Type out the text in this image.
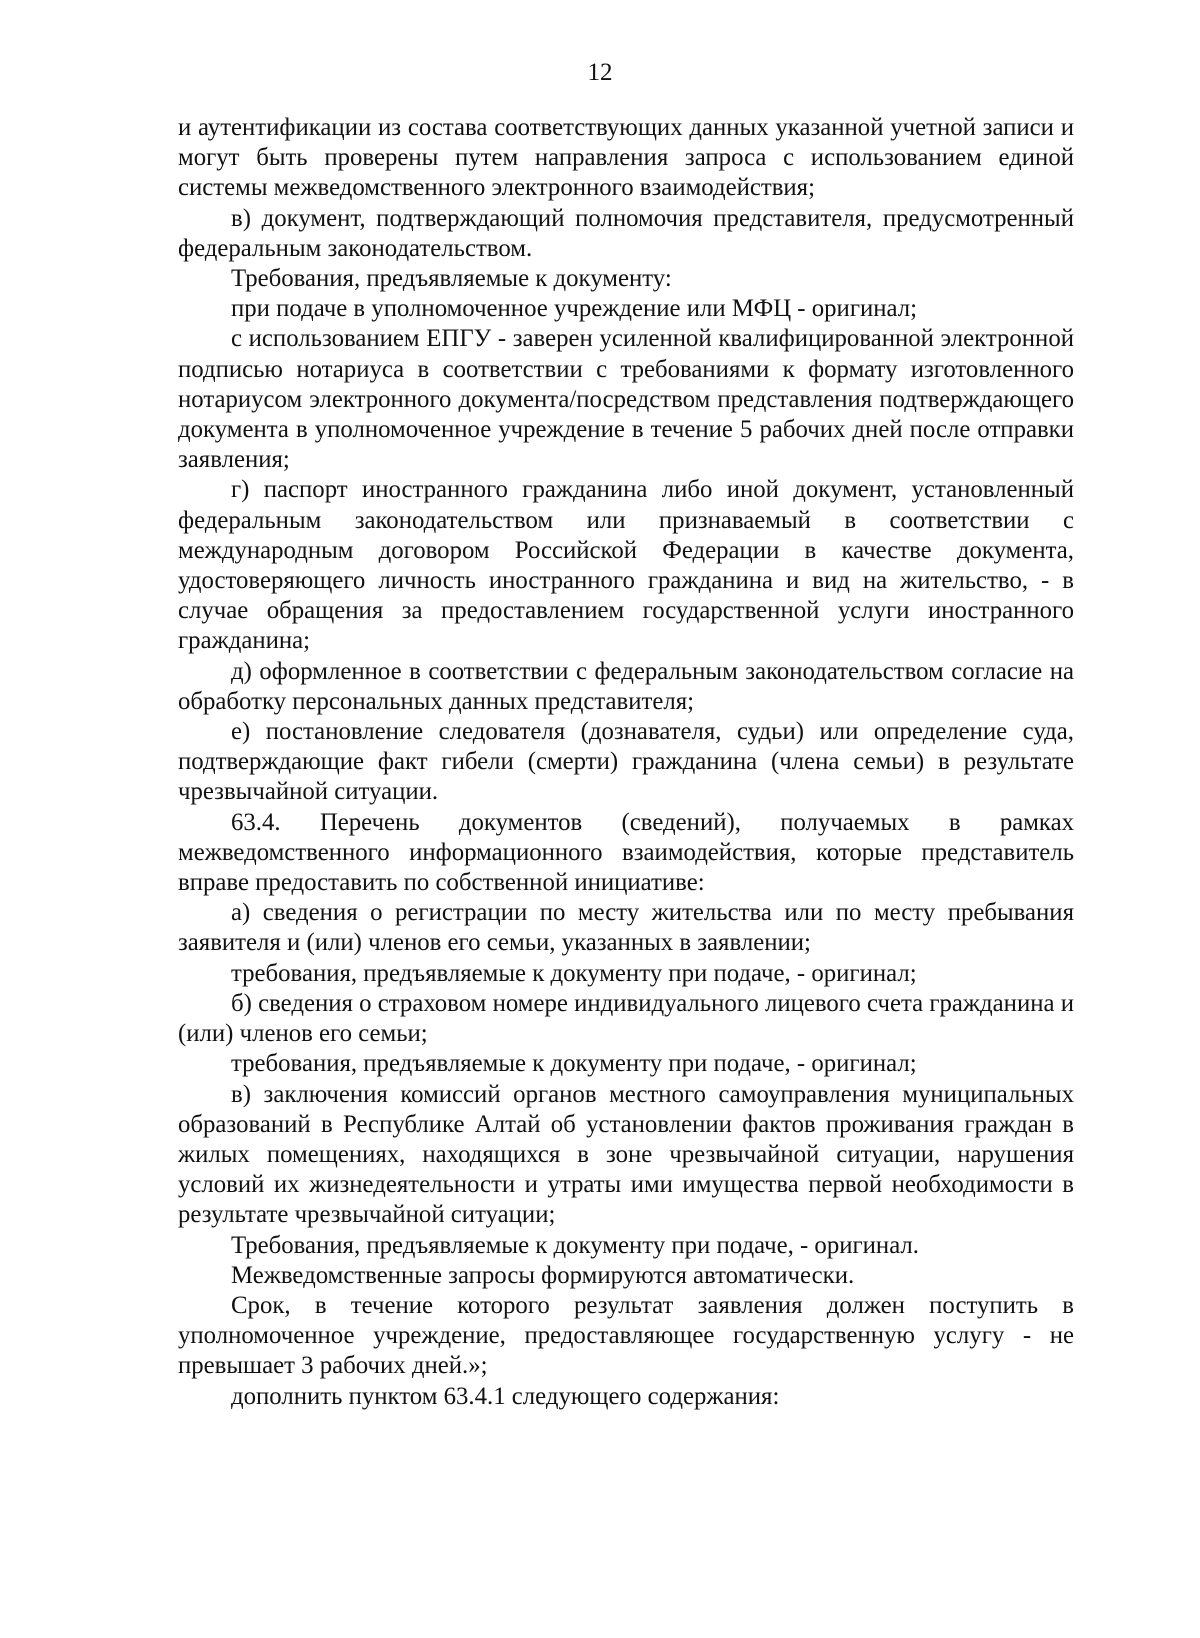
12

и аутентификации из состава соответствующих данных указанной учетной записи и могут быть проверены путем направления запроса с использованием единой системы межведомственного электронного взаимодействия;

в) документ, подтверждающий полномочия представителя, предусмотренный федеральным законодательством.

Требования, предъявляемые к документу:

при подаче в уполномоченное учреждение или МФЦ - оригинал;

с использованием ЕПГУ - заверен усиленной квалифицированной электронной подписью нотариуса в соответствии с требованиями к формату изготовленного нотариусом электронного документа/посредством представления подтверждающего документа в уполномоченное учреждение в течение 5 рабочих дней после отправки заявления;

г) паспорт иностранного гражданина либо иной документ, установленный федеральным законодательством или признаваемый в соответствии с международным договором Российской Федерации в качестве документа, удостоверяющего личность иностранного гражданина и вид на жительство, - в случае обращения за предоставлением государственной услуги иностранного гражданина;

д) оформленное в соответствии с федеральным законодательством согласие на обработку персональных данных представителя;

е) постановление следователя (дознавателя, судьи) или определение суда, подтверждающие факт гибели (смерти) гражданина (члена семьи) в результате чрезвычайной ситуации.

63.4. Перечень документов (сведений), получаемых в рамках межведомственного информационного взаимодействия, которые представитель вправе предоставить по собственной инициативе:

а) сведения о регистрации по месту жительства или по месту пребывания заявителя и (или) членов его семьи, указанных в заявлении;

требования, предъявляемые к документу при подаче, - оригинал;

б) сведения о страховом номере индивидуального лицевого счета гражданина и (или) членов его семьи;

требования, предъявляемые к документу при подаче, - оригинал;

в) заключения комиссий органов местного самоуправления муниципальных образований в Республике Алтай об установлении фактов проживания граждан в жилых помещениях, находящихся в зоне чрезвычайной ситуации, нарушения условий их жизнедеятельности и утраты ими имущества первой необходимости в результате чрезвычайной ситуации;

Требования, предъявляемые к документу при подаче, - оригинал.

Межведомственные запросы формируются автоматически.

Срок, в течение которого результат заявления должен поступить в уполномоченное учреждение, предоставляющее государственную услугу - не превышает 3 рабочих дней.»;

дополнить пунктом 63.4.1 следующего содержания:
